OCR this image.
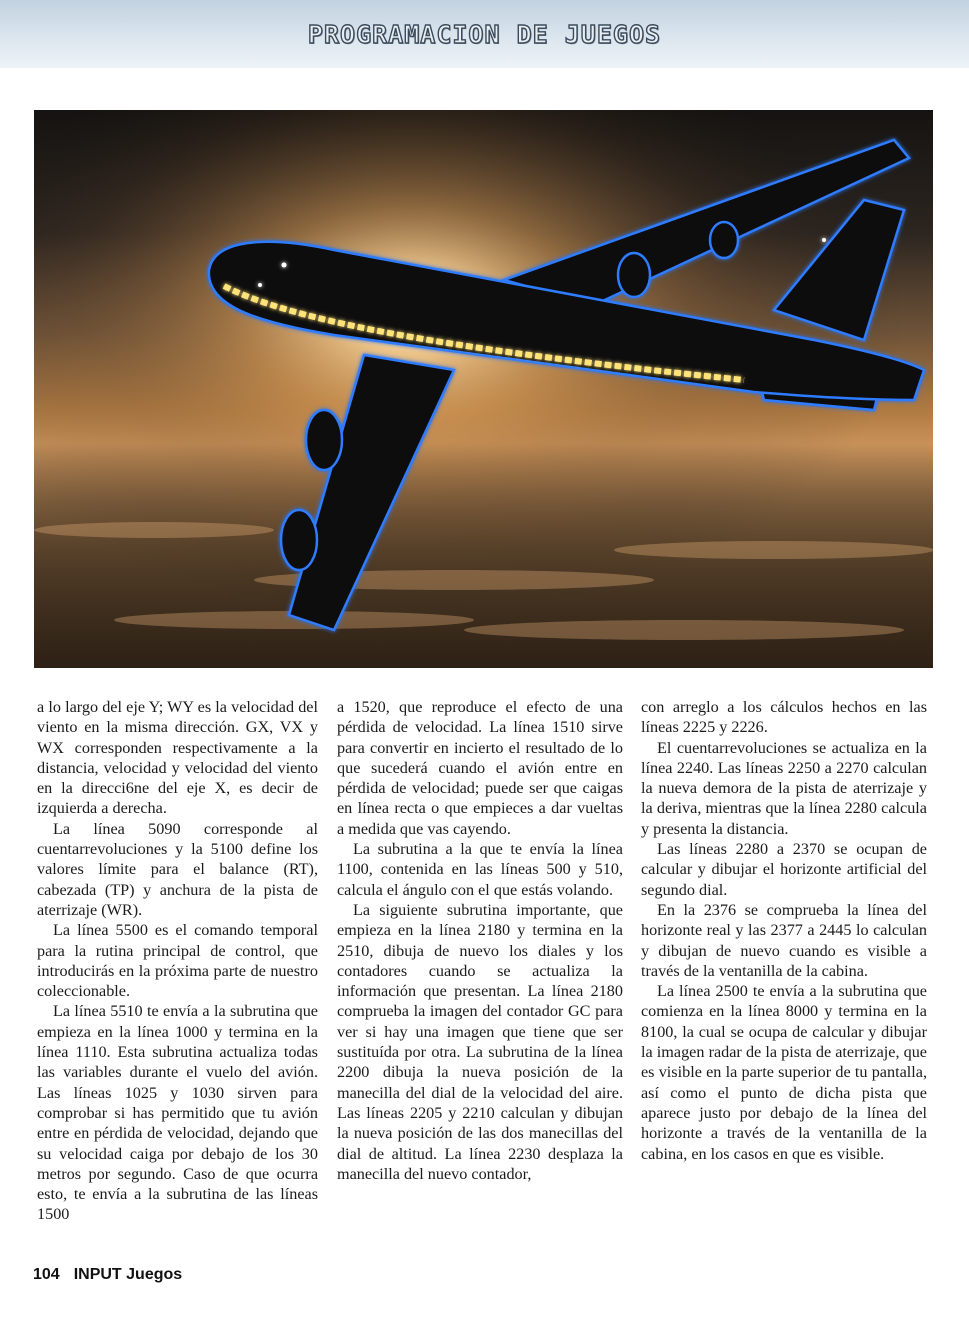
PROGRAMACION DE JUEGOS

a lo largo del eje Y; WY es la velocidad del viento en la misma dirección. GX, VX y WX corresponden respectivamente a la distancia, velocidad y velocidad del viento en la direcci6ne del eje X, es decir de izquierda a derecha.

La línea 5090 corresponde al cuentarrevoluciones y la 5100 define los valores límite para el balance (RT), cabezada (TP) y anchura de la pista de aterrizaje (WR).

La línea 5500 es el comando temporal para la rutina principal de control, que introducirás en la próxima parte de nuestro coleccionable.

La línea 5510 te envía a la subrutina que empieza en la línea 1000 y termina en la línea 1110. Esta subrutina actualiza todas las variables durante el vuelo del avión. Las líneas 1025 y 1030 sirven para comprobar si has permitido que tu avión entre en pérdida de velocidad, dejando que su velocidad caiga por debajo de los 30 metros por segundo. Caso de que ocurra esto, te envía a la subrutina de las líneas 1500

a 1520, que reproduce el efecto de una pérdida de velocidad. La línea 1510 sirve para convertir en incierto el resultado de lo que sucederá cuando el avión entre en pérdida de velocidad; puede ser que caigas en línea recta o que empieces a dar vueltas a medida que vas cayendo.

La subrutina a la que te envía la línea 1100, contenida en las líneas 500 y 510, calcula el ángulo con el que estás volando.

La siguiente subrutina importante, que empieza en la línea 2180 y termina en la 2510, dibuja de nuevo los diales y los contadores cuando se actualiza la información que presentan. La línea 2180 comprueba la imagen del contador GC para ver si hay una imagen que tiene que ser sustituída por otra. La subrutina de la línea 2200 dibuja la nueva posición de la manecilla del dial de la velocidad del aire. Las líneas 2205 y 2210 calculan y dibujan la nueva posición de las dos manecillas del dial de altitud. La línea 2230 desplaza la manecilla del nuevo contador,

con arreglo a los cálculos hechos en las líneas 2225 y 2226.

El cuentarrevoluciones se actualiza en la línea 2240. Las líneas 2250 a 2270 calculan la nueva demora de la pista de aterrizaje y la deriva, mientras que la línea 2280 calcula y presenta la distancia.

Las líneas 2280 a 2370 se ocupan de calcular y dibujar el horizonte artificial del segundo dial.

En la 2376 se comprueba la línea del horizonte real y las 2377 a 2445 lo calculan y dibujan de nuevo cuando es visible a través de la ventanilla de la cabina.

La línea 2500 te envía a la subrutina que comienza en la línea 8000 y termina en la 8100, la cual se ocupa de calcular y dibujar la imagen radar de la pista de aterrizaje, que es visible en la parte superior de tu pantalla, así como el punto de dicha pista que aparece justo por debajo de la línea del horizonte a través de la ventanilla de la cabina, en los casos en que es visible.

104 INPUT Juegos
